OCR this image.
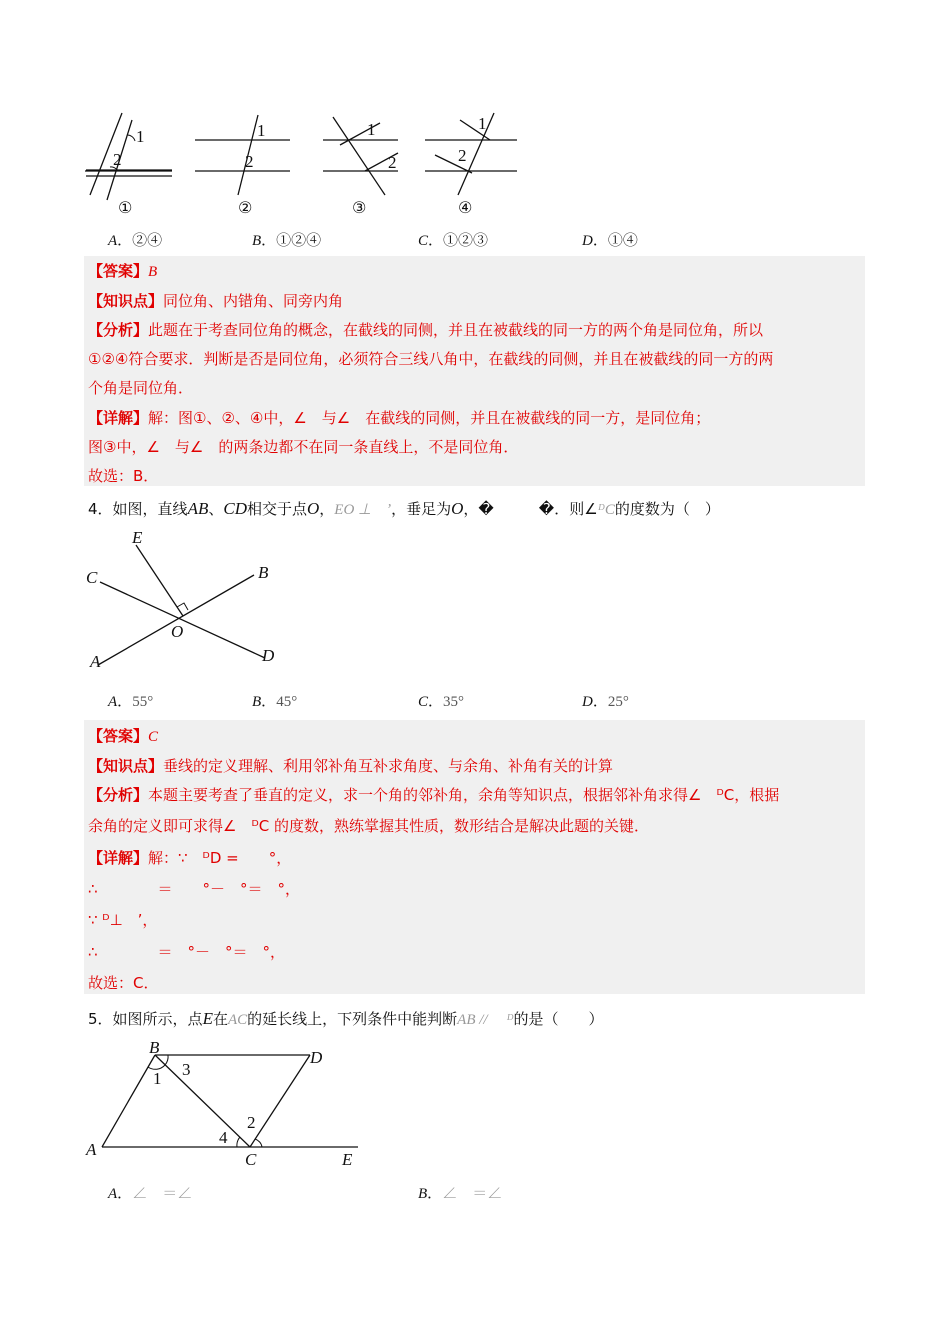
1
2
①
1
2
②
1
2
③
1
2
④
A．②④	B．①②④	C．①②③	D．①④
【答案】B
【知识点】同位角、内错角、同旁内角
【分析】此题在于考查同位角的概念，在截线的同侧，并且在被截线的同一方的两个角是同位角，所以
①②④符合要求．判断是否是同位角，必须符合三线八角中，在截线的同侧，并且在被截线的同一方的两
个角是同位角．
【详解】解：图①、②、④中，∠　与∠　在截线的同侧，并且在被截线的同一方，是同位角；
图③中，∠　与∠　的两条边都不在同一条直线上，不是同位角．
故选：B．
4．如图，直线AB、CD相交于点O，EO ⊥　ʼ，垂足为O，�　　　�．则∠ᴰC的度数为（　）
E
C	B
O
A	D
A．55°	B．45°	C．35°	D．25°
【答案】C
【知识点】垂线的定义理解、利用邻补角互补求角度、与余角、补角有关的计算
【分析】本题主要考查了垂直的定义，求一个角的邻补角，余角等知识点，根据邻补角求得∠　ᴰC，根据
余角的定义即可求得∠　ᴰC 的度数，熟练掌握其性质，数形结合是解决此题的关键．
【详解】解：∵　ᴰD =　　°，
∴　　　　＝　　°－　°＝　°，
∵ ᴰ⊥　ʼ，
∴　　　　＝　°－　°＝　°，
故选：C．
5．如图所示，点E在AC的延长线上，下列条件中能判断AB // 　ᴰ的是（　　）
B
D
A
C	E
1 3
4
2
A．∠　＝∠	B．∠　＝∠
